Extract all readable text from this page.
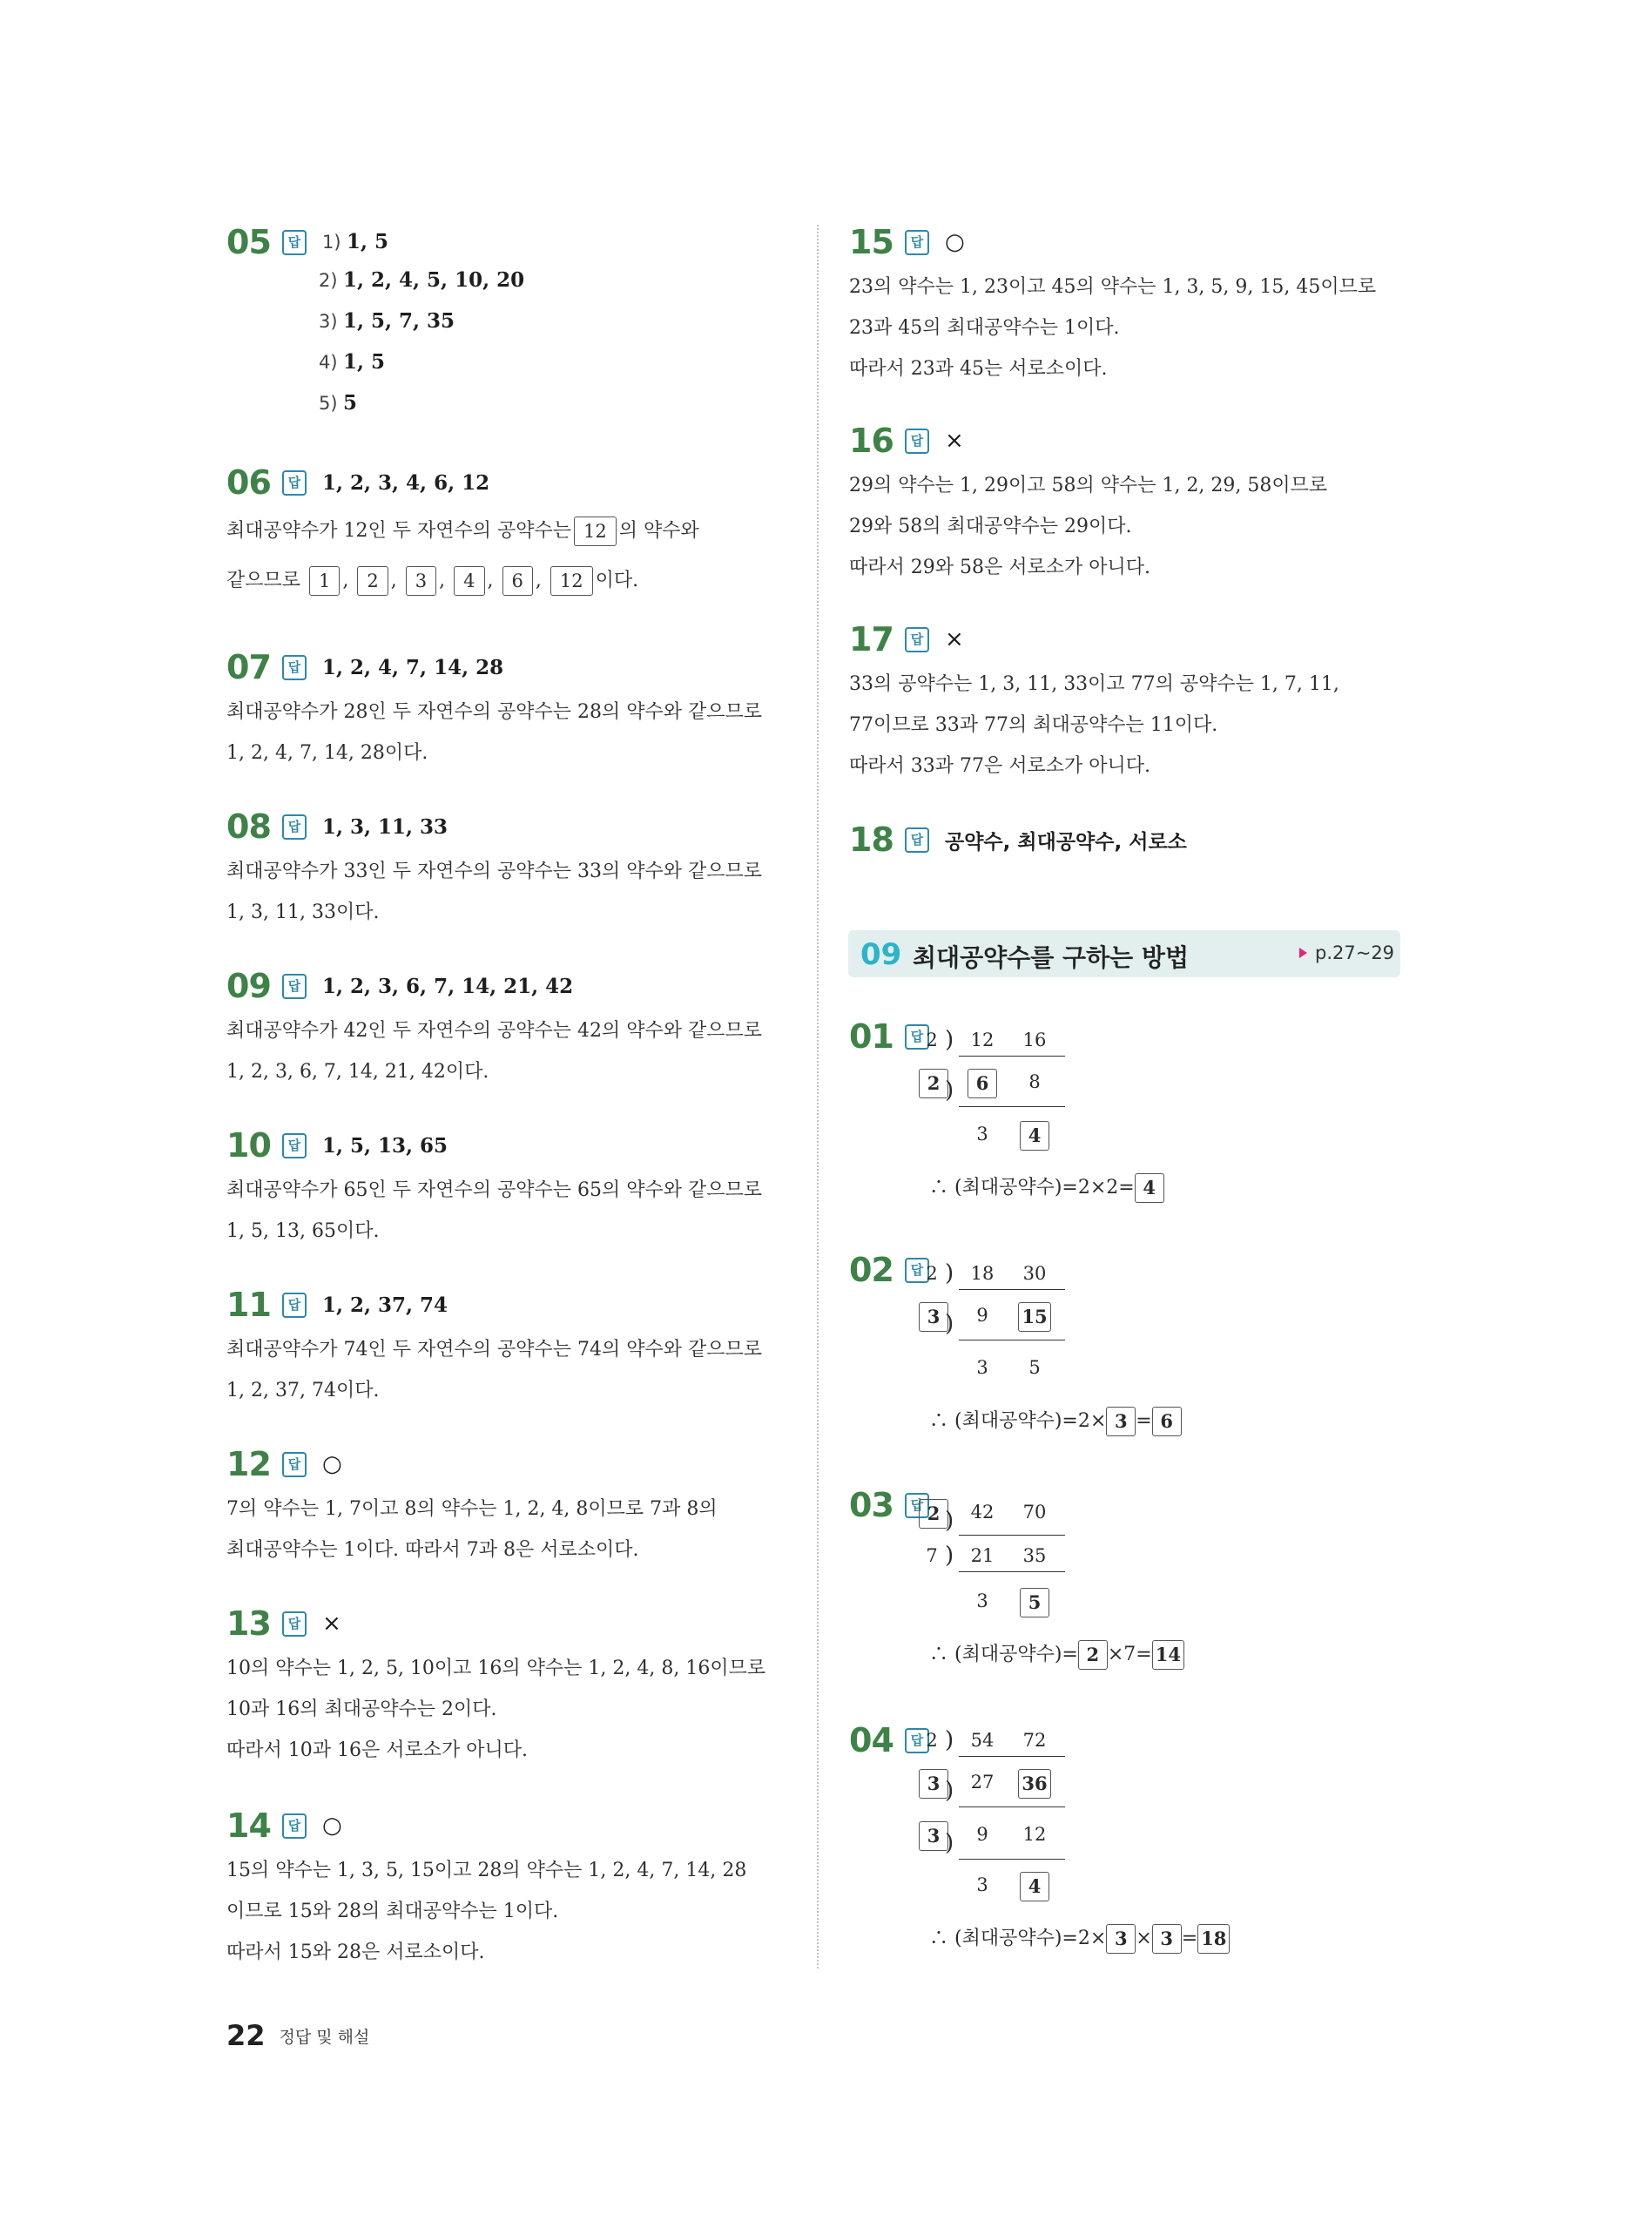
05	답	1) 1, 5
2) 1, 2, 4, 5, 10, 20
3) 1, 5, 7, 35
4) 1, 5
5) 5
06	답 1, 2, 3, 4, 6, 12
최대공약수가 12인 두 자연수의 공약수는 12 의 약수와
같으므로 1 , 2 , 3 , 4 , 6 , 12 이다.
07	답 1, 2, 4, 7, 14, 28
최대공약수가 28인 두 자연수의 공약수는 28의 약수와 같으므로
1, 2, 4, 7, 14, 28이다.
08	답 1, 3, 11, 33
최대공약수가 33인 두 자연수의 공약수는 33의 약수와 같으므로
1, 3, 11, 33이다.
09	답 1, 2, 3, 6, 7, 14, 21, 42
최대공약수가 42인 두 자연수의 공약수는 42의 약수와 같으므로
1, 2, 3, 6, 7, 14, 21, 42이다.
10	답 1, 5, 13, 65
최대공약수가 65인 두 자연수의 공약수는 65의 약수와 같으므로
1, 5, 13, 65이다.
11	답 1, 2, 37, 74
최대공약수가 74인 두 자연수의 공약수는 74의 약수와 같으므로
1, 2, 37, 74이다.
12	답 ○
7의 약수는 1, 7이고 8의 약수는 1, 2, 4, 8이므로 7과 8의
최대공약수는 1이다. 따라서 7과 8은 서로소이다.
13	답 ×
10의 약수는 1, 2, 5, 10이고 16의 약수는 1, 2, 4, 8, 16이므로
10과 16의 최대공약수는 2이다.
따라서 10과 16은 서로소가 아니다.
14	답 ○
15의 약수는 1, 3, 5, 15이고 28의 약수는 1, 2, 4, 7, 14, 28
이므로 15와 28의 최대공약수는 1이다.
따라서 15와 28은 서로소이다.
15	답 ○
23의 약수는 1, 23이고 45의 약수는 1, 3, 5, 9, 15, 45이므로
23과 45의 최대공약수는 1이다.
따라서 23과 45는 서로소이다.
16	답 ×
29의 약수는 1, 29이고 58의 약수는 1, 2, 29, 58이므로
29와 58의 최대공약수는 29이다.
따라서 29와 58은 서로소가 아니다.
17	답 ×
33의 공약수는 1, 3, 11, 33이고 77의 공약수는 1, 7, 11,
77이므로 33과 77의 최대공약수는 11이다.
따라서 33과 77은 서로소가 아니다.
18	답 공약수, 최대공약수, 서로소
01	답 2 ) 12	16
2 )	6	8
3	4
∴ (최대공약수)=2×2= 4
02	답 2 ) 18	30
3 )	9	15
3	5
∴ (최대공약수)=2× 3 = 6
03	답 2 ) 42	70
7 ) 21	35
3	5
∴ (최대공약수)= 2 ×7= 14
04	답 2 ) 54	72
3 ) 27	36
3 )	9	12
3	4
∴ (최대공약수)=2× 3 × 3 = 18
09 최대공약수를 구하는 방법	p.27~29
22 정답 및 해설
